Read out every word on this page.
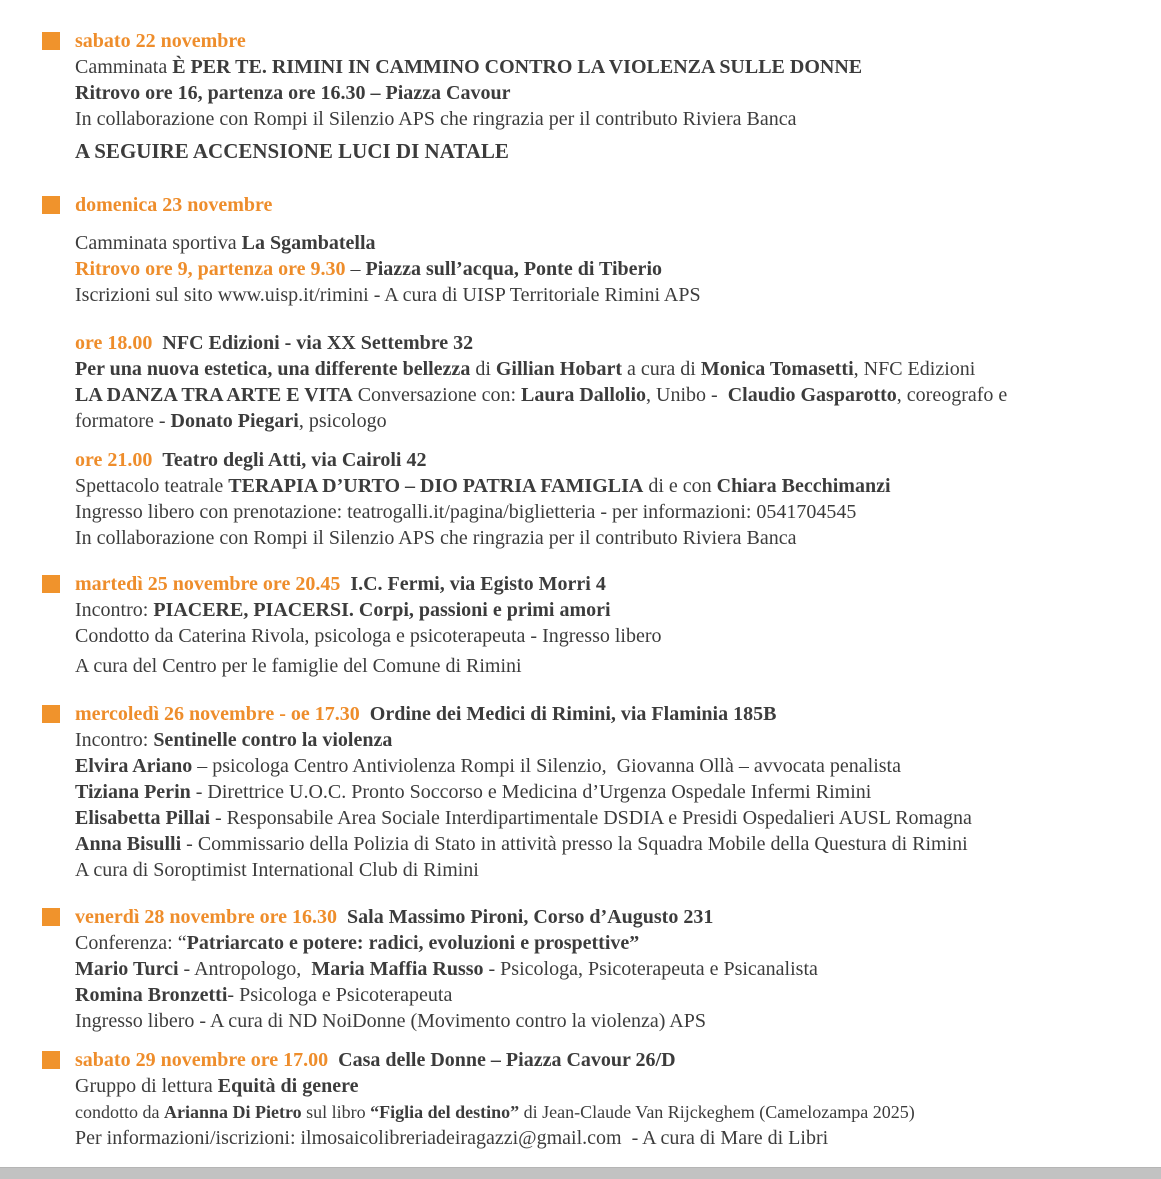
sabato 22 novembre
Camminata È PER TE. RIMINI IN CAMMINO CONTRO LA VIOLENZA SULLE DONNE
Ritrovo ore 16, partenza ore 16.30 – Piazza Cavour
In collaborazione con Rompi il Silenzio APS che ringrazia per il contributo Riviera Banca
A SEGUIRE ACCENSIONE LUCI DI NATALE
domenica 23 novembre
Camminata sportiva La Sgambatella
Ritrovo ore 9, partenza ore 9.30 – Piazza sull’acqua, Ponte di Tiberio
Iscrizioni sul sito www.uisp.it/rimini - A cura di UISP Territoriale Rimini APS
ore 18.00 NFC Edizioni - via XX Settembre 32
Per una nuova estetica, una differente bellezza di Gillian Hobart a cura di Monica Tomasetti, NFC Edizioni
LA DANZA TRA ARTE E VITA Conversazione con: Laura Dallolio, Unibo -  Claudio Gasparotto, coreografo e
formatore - Donato Piegari, psicologo
ore 21.00 Teatro degli Atti, via Cairoli 42
Spettacolo teatrale TERAPIA D’URTO – DIO PATRIA FAMIGLIA di e con Chiara Becchimanzi
Ingresso libero con prenotazione: teatrogalli.it/pagina/biglietteria - per informazioni: 0541704545
In collaborazione con Rompi il Silenzio APS che ringrazia per il contributo Riviera Banca
martedì 25 novembre ore 20.45 I.C. Fermi, via Egisto Morri 4
Incontro: PIACERE, PIACERSI. Corpi, passioni e primi amori
Condotto da Caterina Rivola, psicologa e psicoterapeuta - Ingresso libero
A cura del Centro per le famiglie del Comune di Rimini
mercoledì 26 novembre - oe 17.30 Ordine dei Medici di Rimini, via Flaminia 185B
Incontro: Sentinelle contro la violenza
Elvira Ariano – psicologa Centro Antiviolenza Rompi il Silenzio,  Giovanna Ollà – avvocata penalista
Tiziana Perin - Direttrice U.O.C. Pronto Soccorso e Medicina d’Urgenza Ospedale Infermi Rimini
Elisabetta Pillai - Responsabile Area Sociale Interdipartimentale DSDIA e Presidi Ospedalieri AUSL Romagna
Anna Bisulli - Commissario della Polizia di Stato in attività presso la Squadra Mobile della Questura di Rimini
A cura di Soroptimist International Club di Rimini
venerdì 28 novembre ore 16.30 Sala Massimo Pironi, Corso d’Augusto 231
Conferenza: “Patriarcato e potere: radici, evoluzioni e prospettive”
Mario Turci - Antropologo,  Maria Maffia Russo - Psicologa, Psicoterapeuta e Psicanalista
Romina Bronzetti- Psicologa e Psicoterapeuta
Ingresso libero - A cura di ND NoiDonne (Movimento contro la violenza) APS
sabato 29 novembre ore 17.00 Casa delle Donne – Piazza Cavour 26/D
Gruppo di lettura Equità di genere
condotto da Arianna Di Pietro sul libro “Figlia del destino” di Jean-Claude Van Rijckeghem (Camelozampa 2025)
Per informazioni/iscrizioni: ilmosaicolibreriadeiragazzi@gmail.com  - A cura di Mare di Libri
